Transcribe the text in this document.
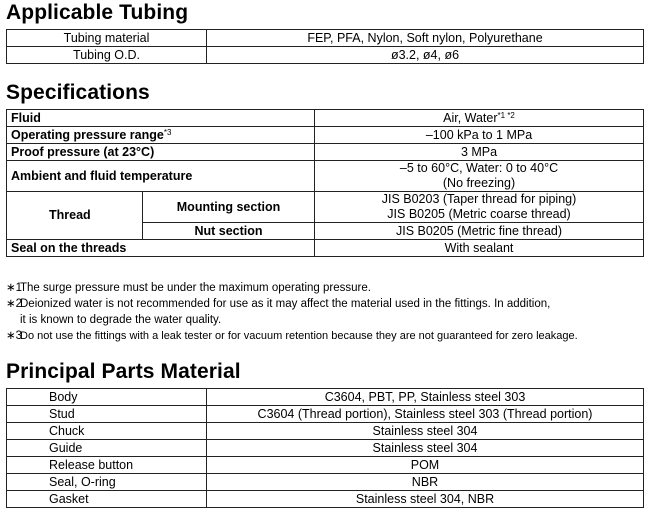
Applicable Tubing
Tubing material	FEP, PFA, Nylon, Soft nylon, Polyurethane
Tubing O.D.	ø3.2, ø4, ø6
Specifications
Fluid		Air, Water$^{*1 *2}$
Operating pressure range$^{*3}$		–100 kPa to 1 MPa
Proof pressure (at 23°C)		3 MPa
Ambient and fluid temperature		–5 to 60°C, Water: 0 to 40°C
(No freezing)

Thread	Mounting section	JIS B0203 (Taper thread for piping)
JIS B0205 (Metric coarse thread)

	Nut section	JIS B0205 (Metric fine thread)
Seal on the threads		With sealant
∗1
The surge pressure must be under the maximum operating pressure.
∗2
Deionized water is not recommended for use as it may affect the material used in the fittings. In addition,
it is known to degrade the water quality.
∗3
Do not use the fittings with a leak tester or for vacuum retention because they are not guaranteed for zero leakage.
Principal Parts Material
Body	C3604, PBT, PP, Stainless steel 303
Stud	C3604 (Thread portion), Stainless steel 303 (Thread portion)
Chuck	Stainless steel 304
Guide	Stainless steel 304
Release button	POM
Seal, O-ring	NBR
Gasket	Stainless steel 304, NBR
